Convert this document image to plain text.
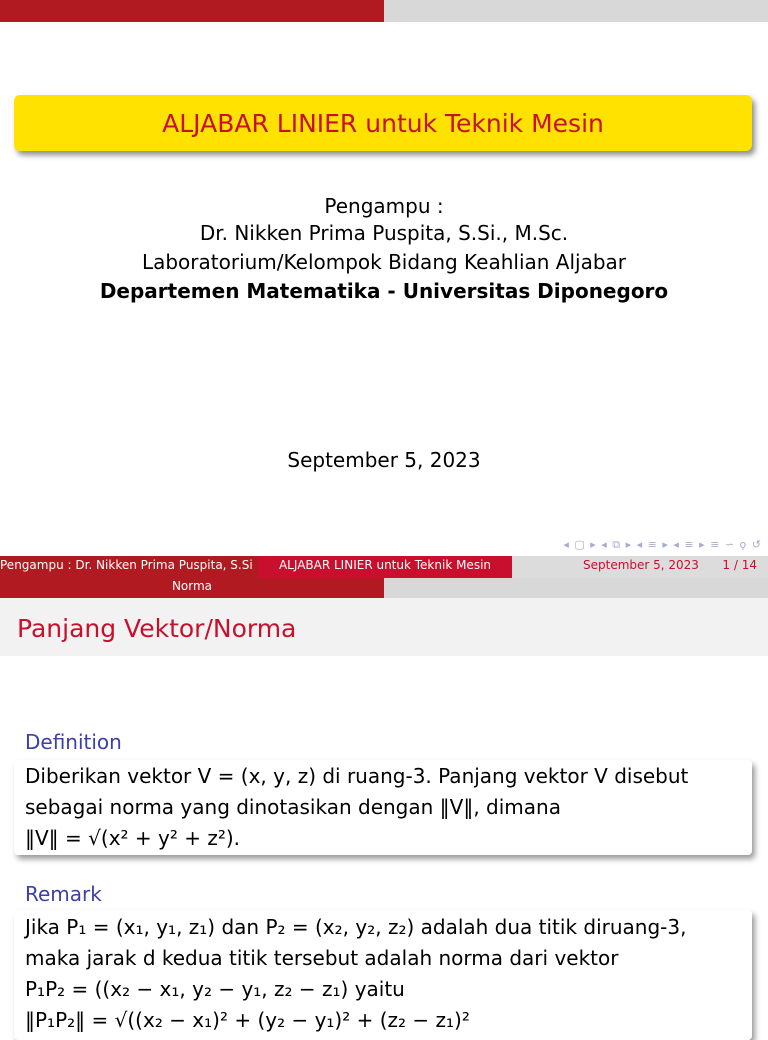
ALJABAR LINIER untuk Teknik Mesin
Pengampu :
Dr. Nikken Prima Puspita, S.Si., M.Sc.
Laboratorium/Kelompok Bidang Keahlian Aljabar
Departemen Matematika - Universitas Diponegoro
September 5, 2023
◂ ▢ ▸ ◂ ⧉ ▸ ◂ ≡ ▸ ◂ ≡ ▸ ≡ ∽ ϙ ↺
Pengampu : Dr. Nikken Prima Puspita, S.Si	ALJABAR LINIER untuk Teknik Mesin	September 5, 2023 1 / 14
Norma
Panjang Vektor/Norma
Definition
Diberikan vektor V = (x, y, z) di ruang-3. Panjang vektor V disebut
sebagai norma yang dinotasikan dengan ‖V‖, dimana
‖V‖ = √(x² + y² + z²).
Remark
Jika P₁ = (x₁, y₁, z₁) dan P₂ = (x₂, y₂, z₂) adalah dua titik diruang-3,
maka jarak d kedua titik tersebut adalah norma dari vektor
P₁P₂ = ((x₂ − x₁, y₂ − y₁, z₂ − z₁) yaitu
‖P₁P₂‖ = √((x₂ − x₁)² + (y₂ − y₁)² + (z₂ − z₁)²
